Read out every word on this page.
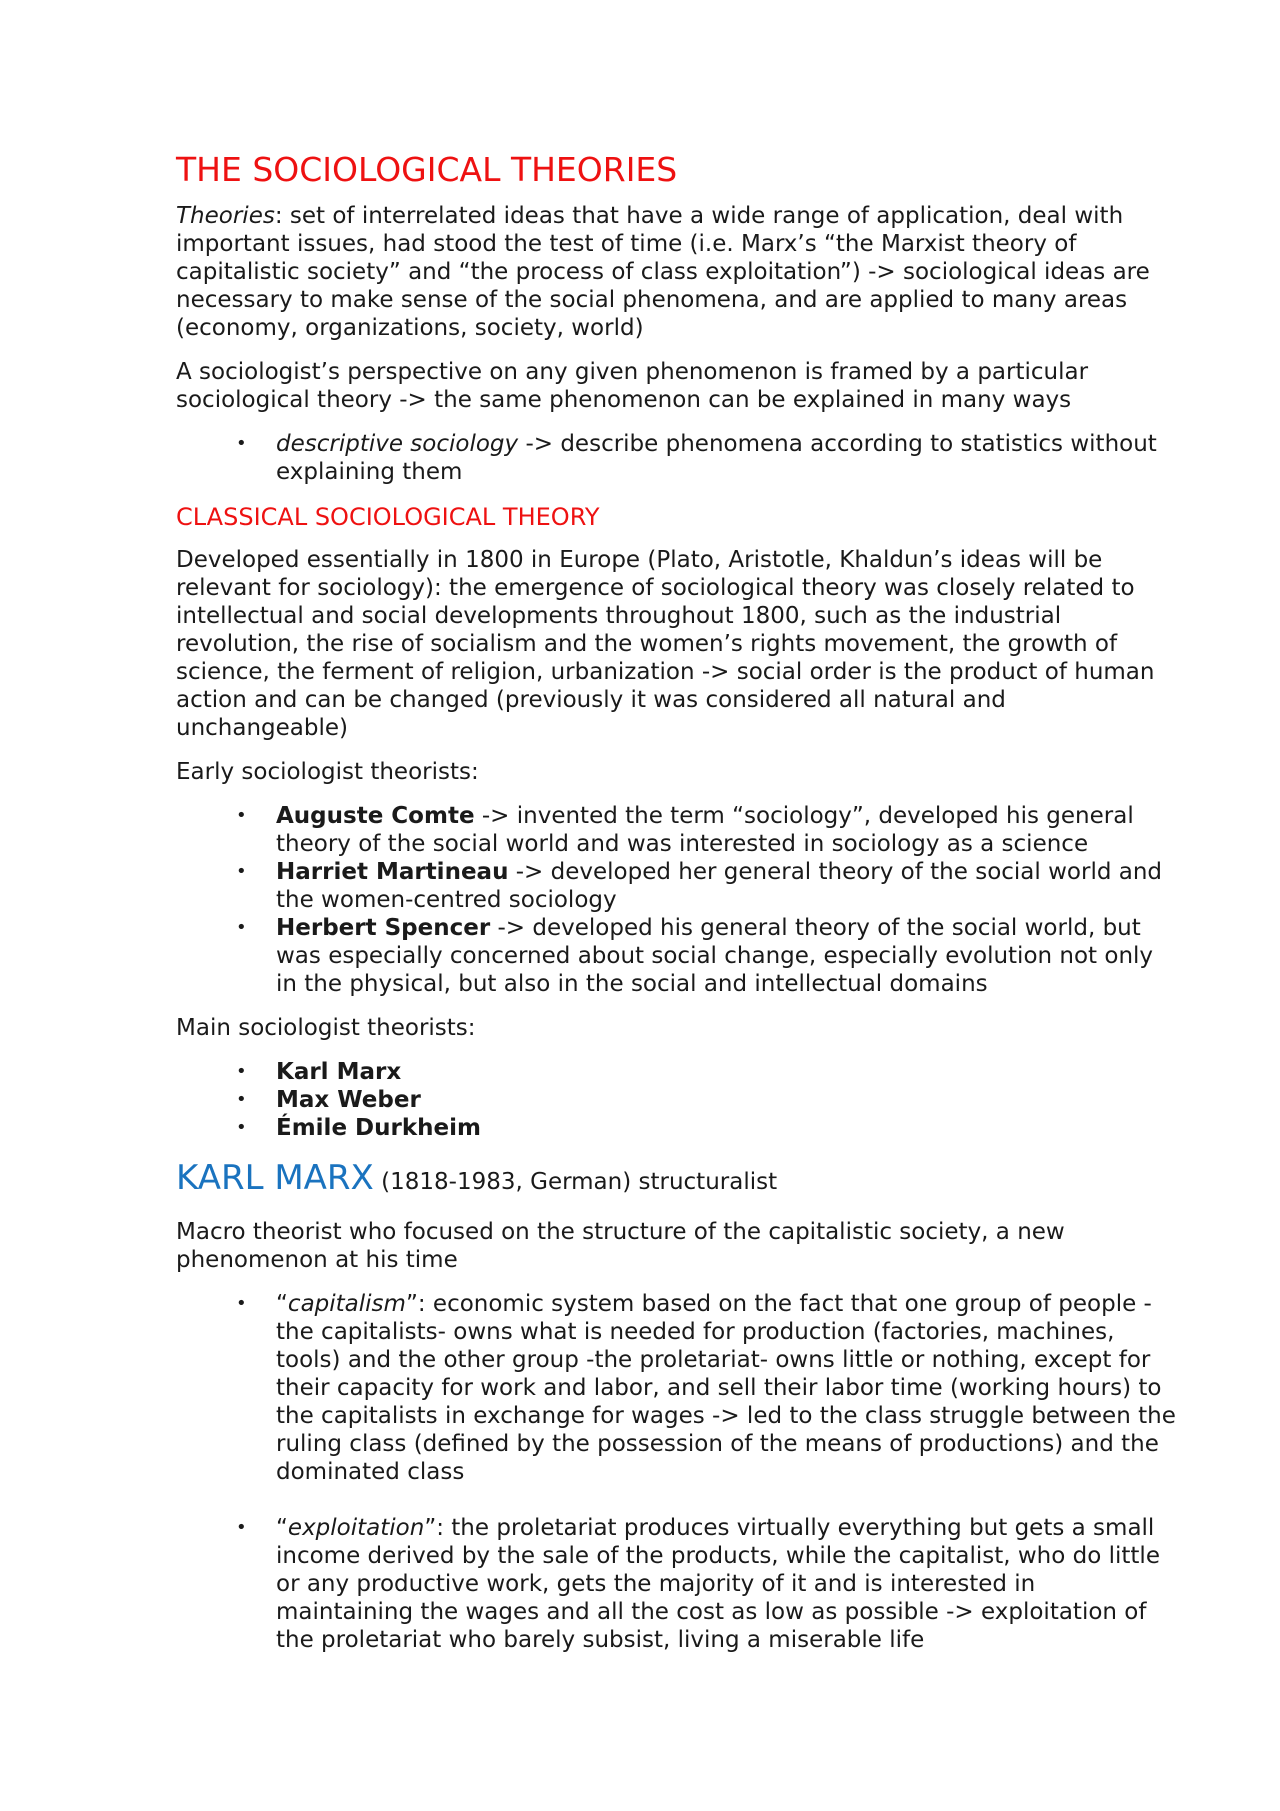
THE SOCIOLOGICAL THEORIES

Theories: set of interrelated ideas that have a wide range of application, deal with important issues, had stood the test of time (i.e. Marx’s “the Marxist theory of capitalistic society” and “the process of class exploitation”) -> sociological ideas are necessary to make sense of the social phenomena, and are applied to many areas (economy, organizations, society, world)

A sociologist’s perspective on any given phenomenon is framed by a particular sociological theory -> the same phenomenon can be explained in many ways

• descriptive sociology -> describe phenomena according to statistics without explaining them
CLASSICAL SOCIOLOGICAL THEORY

Developed essentially in 1800 in Europe (Plato, Aristotle, Khaldun’s ideas will be relevant for sociology): the emergence of sociological theory was closely related to intellectual and social developments throughout 1800, such as the industrial revolution, the rise of socialism and the women’s rights movement, the growth of science, the ferment of religion, urbanization -> social order is the product of human action and can be changed (previously it was considered all natural and unchangeable)

Early sociologist theorists:

• Auguste Comte -> invented the term “sociology”, developed his general theory of the social world and was interested in sociology as a science
• Harriet Martineau -> developed her general theory of the social world and the women-centred sociology
• Herbert Spencer -> developed his general theory of the social world, but was especially concerned about social change, especially evolution not only in the physical, but also in the social and intellectual domains

Main sociologist theorists:

• Karl Marx
• Max Weber
• Émile Durkheim
KARL MARX (1818-1983, German) structuralist

Macro theorist who focused on the structure of the capitalistic society, a new phenomenon at his time

• “capitalism”: economic system based on the fact that one group of people -the capitalists- owns what is needed for production (factories, machines, tools) and the other group -the proletariat- owns little or nothing, except for their capacity for work and labor, and sell their labor time (working hours) to the capitalists in exchange for wages -> led to the class struggle between the ruling class (defined by the possession of the means of productions) and the dominated class
• “exploitation”: the proletariat produces virtually everything but gets a small income derived by the sale of the products, while the capitalist, who do little or any productive work, gets the majority of it and is interested in maintaining the wages and all the cost as low as possible -> exploitation of the proletariat who barely subsist, living a miserable life
